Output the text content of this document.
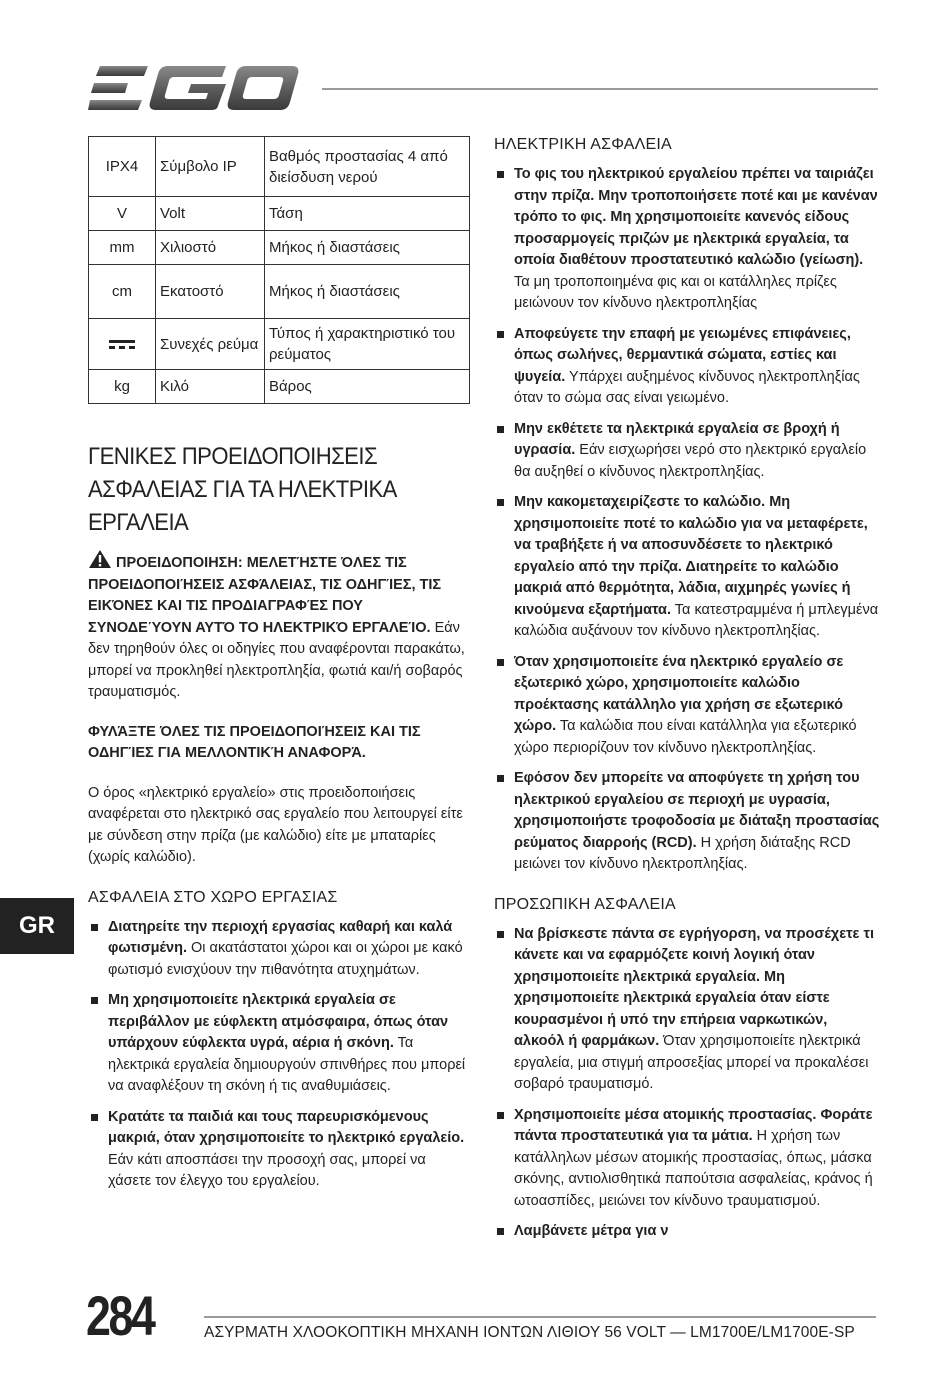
IPX4	Σύμβολο IP	Βαθμός προστασίας 4 από διείσδυση νερού
V	Volt	Τάση
mm	Χιλιοστό	Μήκος ή διαστάσεις
cm	Εκατοστό	Μήκος ή διαστάσεις

	Συνεχές ρεύμα	Τύπος ή χαρακτηριστικό του ρεύματος
kg	Κιλό	Βάρος
ΓΕΝΙΚΕΣ ΠΡΟΕΙΔΟΠΟΙΗΣΕΙΣ ΑΣΦΑΛΕΙΑΣ ΓΙΑ ΤΑ ΗΛΕΚΤΡΙΚΑ ΕΡΓΑΛΕΙΑ

ΠΡΟΕΙΔΟΠΟΙΗΣΗ: ΜΕΛΕΤΉΣΤΕ ΌΛΕΣ ΤΙΣ ΠΡΟΕΙΔΟΠΟΙΉΣΕΙΣ ΑΣΦΆΛΕΙΑΣ, ΤΙΣ ΟΔΗΓΊΕΣ, ΤΙΣ ΕΙΚΌΝΕΣ ΚΑΙ ΤΙΣ ΠΡΟΔΙΑΓΡΑΦΈΣ ΠΟΥ ΣΥΝΟΔΕΎΟΥΝ ΑΥΤΌ ΤΟ ΗΛΕΚΤΡΙΚΌ ΕΡΓΑΛΕΊΟ. Εάν δεν τηρηθούν όλες οι οδηγίες που αναφέρονται παρακάτω, μπορεί να προκληθεί ηλεκτροπληξία, φωτιά και/ή σοβαρός τραυματισμός.

ΦΥΛΆΞΤΕ ΌΛΕΣ ΤΙΣ ΠΡΟΕΙΔΟΠΟΙΉΣΕΙΣ ΚΑΙ ΤΙΣ ΟΔΗΓΊΕΣ ΓΙΑ ΜΕΛΛΟΝΤΙΚΉ ΑΝΑΦΟΡΆ.

Ο όρος «ηλεκτρικό εργαλείο» στις προειδοποιήσεις αναφέρεται στο ηλεκτρικό σας εργαλείο που λειτουργεί είτε με σύνδεση στην πρίζα (με καλώδιο) είτε με μπαταρίες (χωρίς καλώδιο).

ΑΣΦΑΛΕΙΑ ΣΤΟ ΧΩΡΟ ΕΡΓΑΣΙΑΣ
Διατηρείτε την περιοχή εργασίας καθαρή και καλά φωτισμένη. Οι ακατάστατοι χώροι και οι χώροι με κακό φωτισμό ενισχύουν την πιθανότητα ατυχημάτων.
Μη χρησιμοποιείτε ηλεκτρικά εργαλεία σε περιβάλλον με εύφλεκτη ατμόσφαιρα, όπως όταν υπάρχουν εύφλεκτα υγρά, αέρια ή σκόνη. Τα ηλεκτρικά εργαλεία δημιουργούν σπινθήρες που μπορεί να αναφλέξουν τη σκόνη ή τις αναθυμιάσεις.
Κρατάτε τα παιδιά και τους παρευρισκόμενους μακριά, όταν χρησιμοποιείτε το ηλεκτρικό εργαλείο. Εάν κάτι αποσπάσει την προσοχή σας, μπορεί να χάσετε τον έλεγχο του εργαλείου.
ΗΛΕΚΤΡΙΚΗ ΑΣΦΑΛΕΙΑ
Το φις του ηλεκτρικού εργαλείου πρέπει να ταιριάζει στην πρίζα. Μην τροποποιήσετε ποτέ και με κανέναν τρόπο το φις. Μη χρησιμοποιείτε κανενός είδους προσαρμογείς πριζών με ηλεκτρικά εργαλεία, τα οποία διαθέτουν προστατευτικό καλώδιο (γείωση). Τα μη τροποποιημένα φις και οι κατάλληλες πρίζες μειώνουν τον κίνδυνο ηλεκτροπληξίας
Αποφεύγετε την επαφή με γειωμένες επιφάνειες, όπως σωλήνες, θερμαντικά σώματα, εστίες και ψυγεία. Υπάρχει αυξημένος κίνδυνος ηλεκτροπληξίας όταν το σώμα σας είναι γειωμένο.
Μην εκθέτετε τα ηλεκτρικά εργαλεία σε βροχή ή υγρασία. Εάν εισχωρήσει νερό στο ηλεκτρικό εργαλείο θα αυξηθεί ο κίνδυνος ηλεκτροπληξίας.
Μην κακομεταχειρίζεστε το καλώδιο. Μη χρησιμοποιείτε ποτέ το καλώδιο για να μεταφέρετε, να τραβήξετε ή να αποσυνδέσετε το ηλεκτρικό εργαλείο από την πρίζα. Διατηρείτε το καλώδιο μακριά από θερμότητα, λάδια, αιχμηρές γωνίες ή κινούμενα εξαρτήματα. Τα κατεστραμμένα ή μπλεγμένα καλώδια αυξάνουν τον κίνδυνο ηλεκτροπληξίας.
Όταν χρησιμοποιείτε ένα ηλεκτρικό εργαλείο σε εξωτερικό χώρο, χρησιμοποιείτε καλώδιο προέκτασης κατάλληλο για χρήση σε εξωτερικό χώρο. Τα καλώδια που είναι κατάλληλα για εξωτερικό χώρο περιορίζουν τον κίνδυνο ηλεκτροπληξίας.
Εφόσον δεν μπορείτε να αποφύγετε τη χρήση του ηλεκτρικού εργαλείου σε περιοχή με υγρασία, χρησιμοποιήστε τροφοδοσία με διάταξη προστασίας ρεύματος διαρροής (RCD). Η χρήση διάταξης RCD μειώνει τον κίνδυνο ηλεκτροπληξίας.
ΠΡΟΣΩΠΙΚΗ ΑΣΦΑΛΕΙΑ
Να βρίσκεστε πάντα σε εγρήγορση, να προσέχετε τι κάνετε και να εφαρμόζετε κοινή λογική όταν χρησιμοποιείτε ηλεκτρικά εργαλεία. Μη χρησιμοποιείτε ηλεκτρικά εργαλεία όταν είστε κουρασμένοι ή υπό την επήρεια ναρκωτικών, αλκοόλ ή φαρμάκων. Όταν χρησιμοποιείτε ηλεκτρικά εργαλεία, μια στιγμή απροσεξίας μπορεί να προκαλέσει σοβαρό τραυματισμό.
Χρησιμοποιείτε μέσα ατομικής προστασίας. Φοράτε πάντα προστατευτικά για τα μάτια. Η χρήση των κατάλληλων μέσων ατομικής προστασίας, όπως, μάσκα σκόνης, αντιολισθητικά παπούτσια ασφαλείας, κράνος ή ωτοασπίδες, μειώνει τον κίνδυνο τραυματισμού.
Λαμβάνετε μέτρα για ν
GR
284	ΑΣΥΡΜΑΤΗ ΧΛΟΟΚΟΠΤΙΚΗ ΜΗΧΑΝΗ ΙΟΝΤΩΝ ΛΙΘΙΟΥ 56 VOLT — LM1700E/LM1700E-SP
